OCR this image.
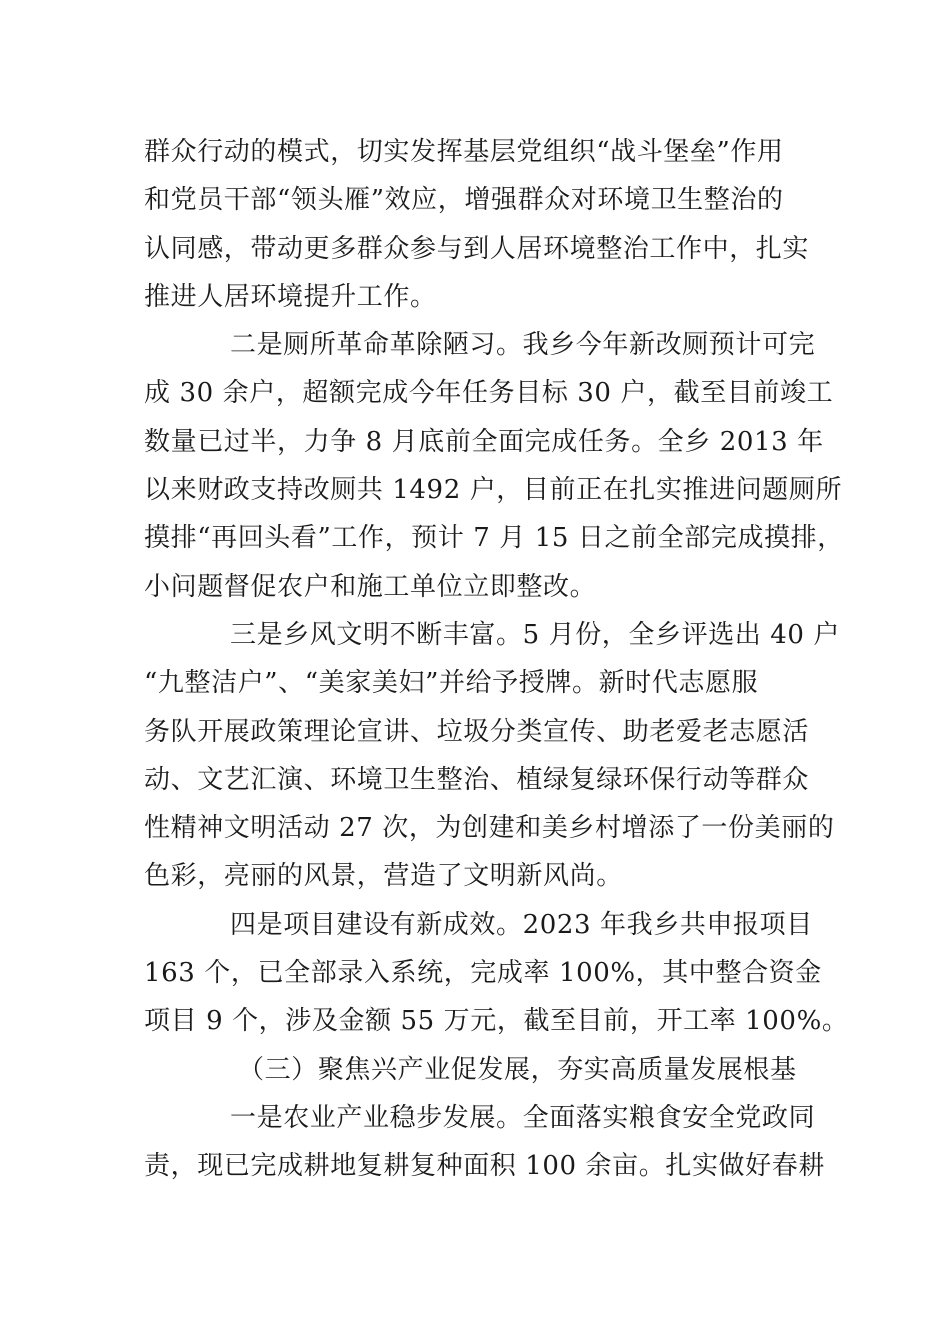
群众行动的模式，切实发挥基层党组织“战斗堡垒”作用
和党员干部“领头雁”效应，增强群众对环境卫生整治的
认同感，带动更多群众参与到人居环境整治工作中，扎实
推进人居环境提升工作。
二是厕所革命革除陋习。我乡今年新改厕预计可完
成 30 余户，超额完成今年任务目标 30 户，截至目前竣工
数量已过半，力争 8 月底前全面完成任务。全乡 2013 年
以来财政支持改厕共 1492 户，目前正在扎实推进问题厕所
摸排“再回头看”工作，预计 7 月 15 日之前全部完成摸排，
小问题督促农户和施工单位立即整改。
三是乡风文明不断丰富。5 月份，全乡评选出 40 户
“九整洁户”、“美家美妇”并给予授牌。新时代志愿服
务队开展政策理论宣讲、垃圾分类宣传、助老爱老志愿活
动、文艺汇演、环境卫生整治、植绿复绿环保行动等群众
性精神文明活动 27 次，为创建和美乡村增添了一份美丽的
色彩，亮丽的风景，营造了文明新风尚。
四是项目建设有新成效。2023 年我乡共申报项目
163 个，已全部录入系统，完成率 100%，其中整合资金
项目 9 个，涉及金额 55 万元，截至目前，开工率 100%。
（三）聚焦兴产业促发展，夯实高质量发展根基
一是农业产业稳步发展。全面落实粮食安全党政同
责，现已完成耕地复耕复种面积 100 余亩。扎实做好春耕
